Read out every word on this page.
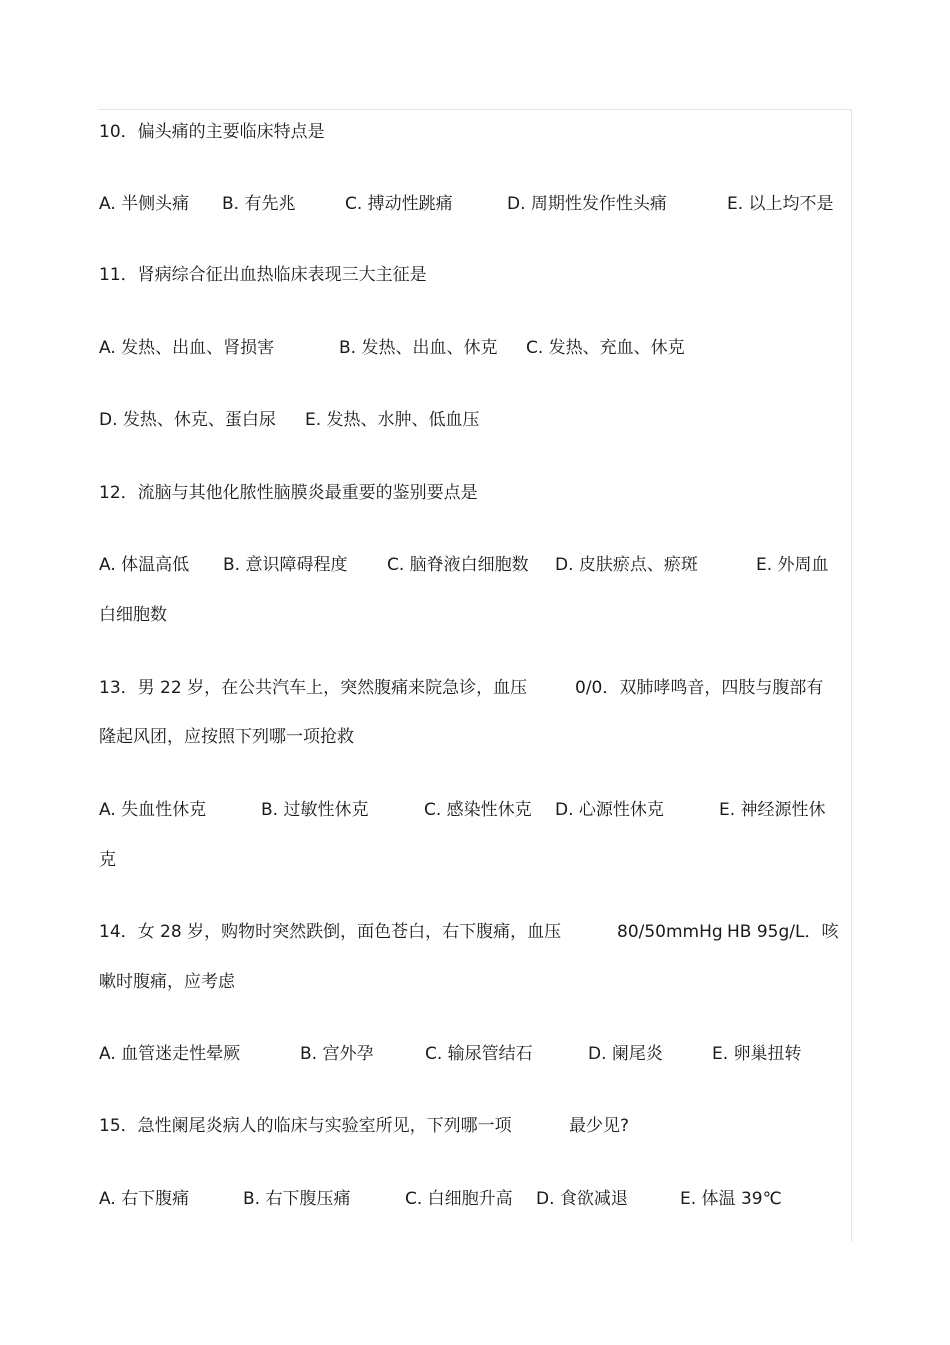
10．偏头痛的主要临床特点是
A. 半侧头痛 B. 有先兆	C. 搏动性跳痛	D. 周期性发作性头痛	E. 以上均不是
11．肾病综合征出血热临床表现三大主征是
A. 发热、出血、肾损害	B. 发热、出血、休克 C. 发热、充血、休克
D. 发热、休克、蛋白尿 E. 发热、水肿、低血压
12．流脑与其他化脓性脑膜炎最重要的鉴别要点是
A. 体温高低 B. 意识障碍程度 C. 脑脊液白细胞数 D. 皮肤瘀点、瘀斑	E. 外周血
白细胞数
13．男 22 岁，在公共汽车上，突然腹痛来院急诊，血压	0/0．双肺哮鸣音，四肢与腹部有
隆起风团，应按照下列哪一项抢救
A. 失血性休克	B. 过敏性休克	C. 感染性休克 D. 心源性休克	E. 神经源性休
克
14．女 28 岁，购物时突然跌倒，面色苍白，右下腹痛，血压	80/50mmHg HB 95g/L．咳
嗽时腹痛，应考虑
A. 血管迷走性晕厥	B. 宫外孕	C. 输尿管结石	D. 阑尾炎	E. 卵巢扭转
15．急性阑尾炎病人的临床与实验室所见，下列哪一项	最少见?
A. 右下腹痛	B. 右下腹压痛	C. 白细胞升高 D. 食欲减退	E. 体温 39℃
